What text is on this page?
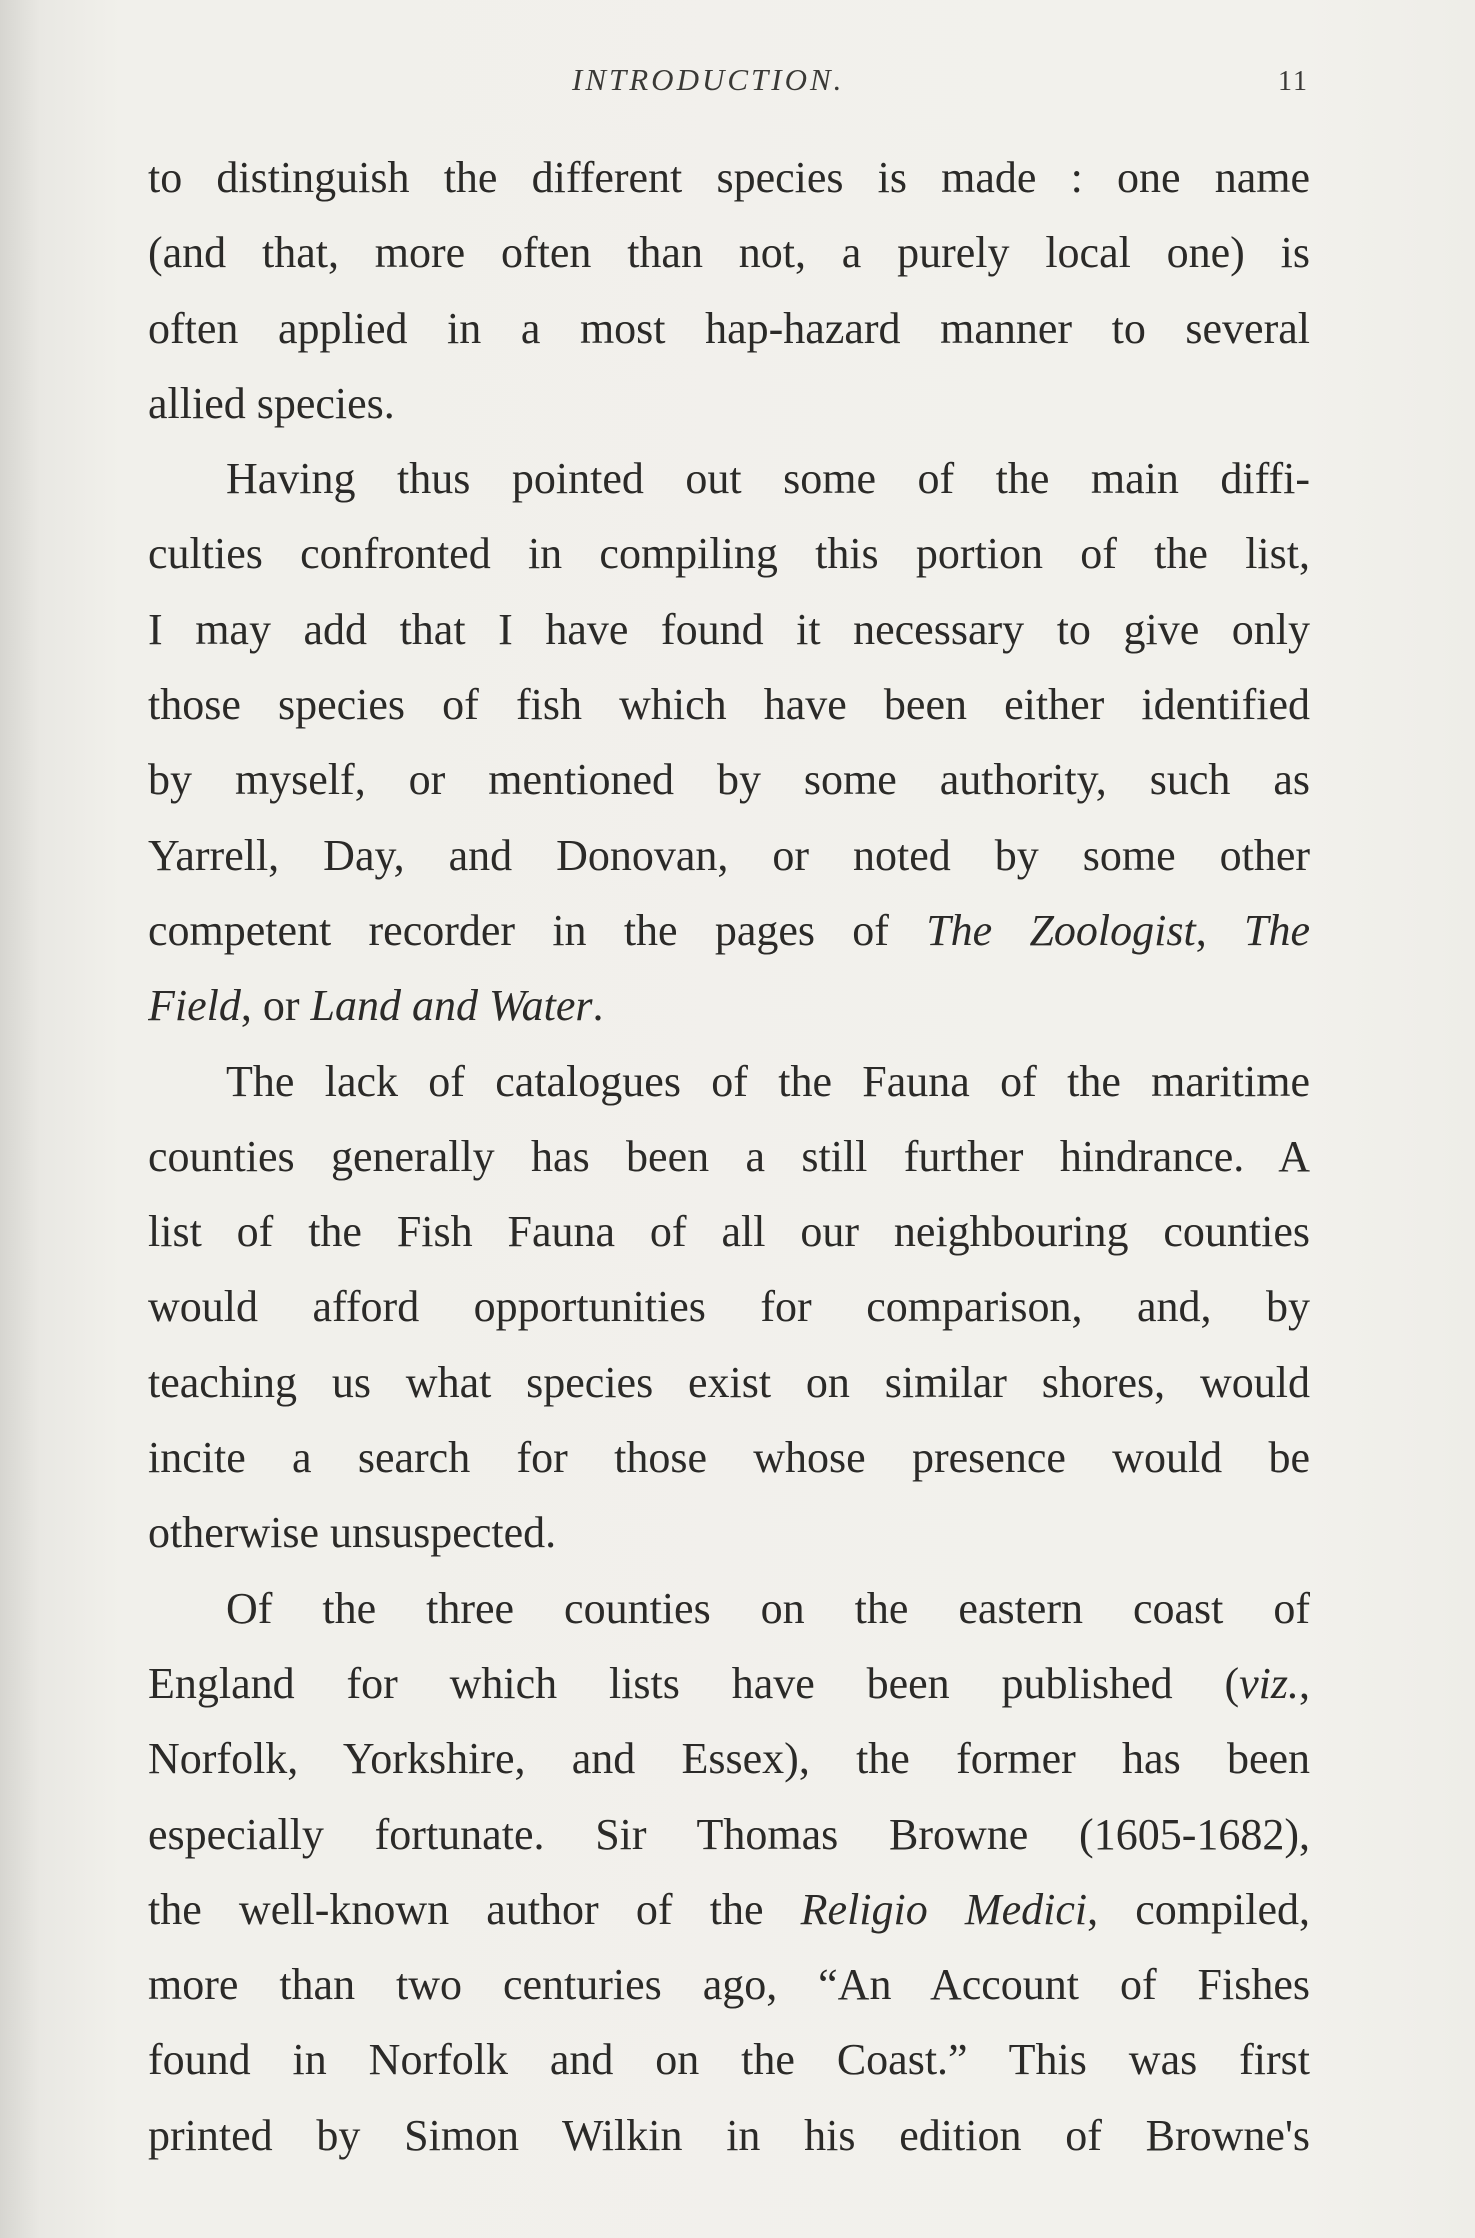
INTRODUCTION.	11
to distinguish the different species is made : one name
(and that, more often than not, a purely local one) is
often applied in a most hap-hazard manner to several
allied species.
Having thus pointed out some of the main diffi-
culties confronted in compiling this portion of the list,
I may add that I have found it necessary to give only
those species of fish which have been either identified
by myself, or mentioned by some authority, such as
Yarrell, Day, and Donovan, or noted by some other
competent recorder in the pages of The Zoologist, The
Field, or Land and Water.
The lack of catalogues of the Fauna of the maritime
counties generally has been a still further hindrance. A
list of the Fish Fauna of all our neighbouring counties
would afford opportunities for comparison, and, by
teaching us what species exist on similar shores, would
incite a search for those whose presence would be
otherwise unsuspected.
Of the three counties on the eastern coast of
England for which lists have been published (viz.,
Norfolk, Yorkshire, and Essex), the former has been
especially fortunate. Sir Thomas Browne (1605-1682),
the well-known author of the Religio Medici, compiled,
more than two centuries ago, “An Account of Fishes
found in Norfolk and on the Coast.” This was first
printed by Simon Wilkin in his edition of Browne's
